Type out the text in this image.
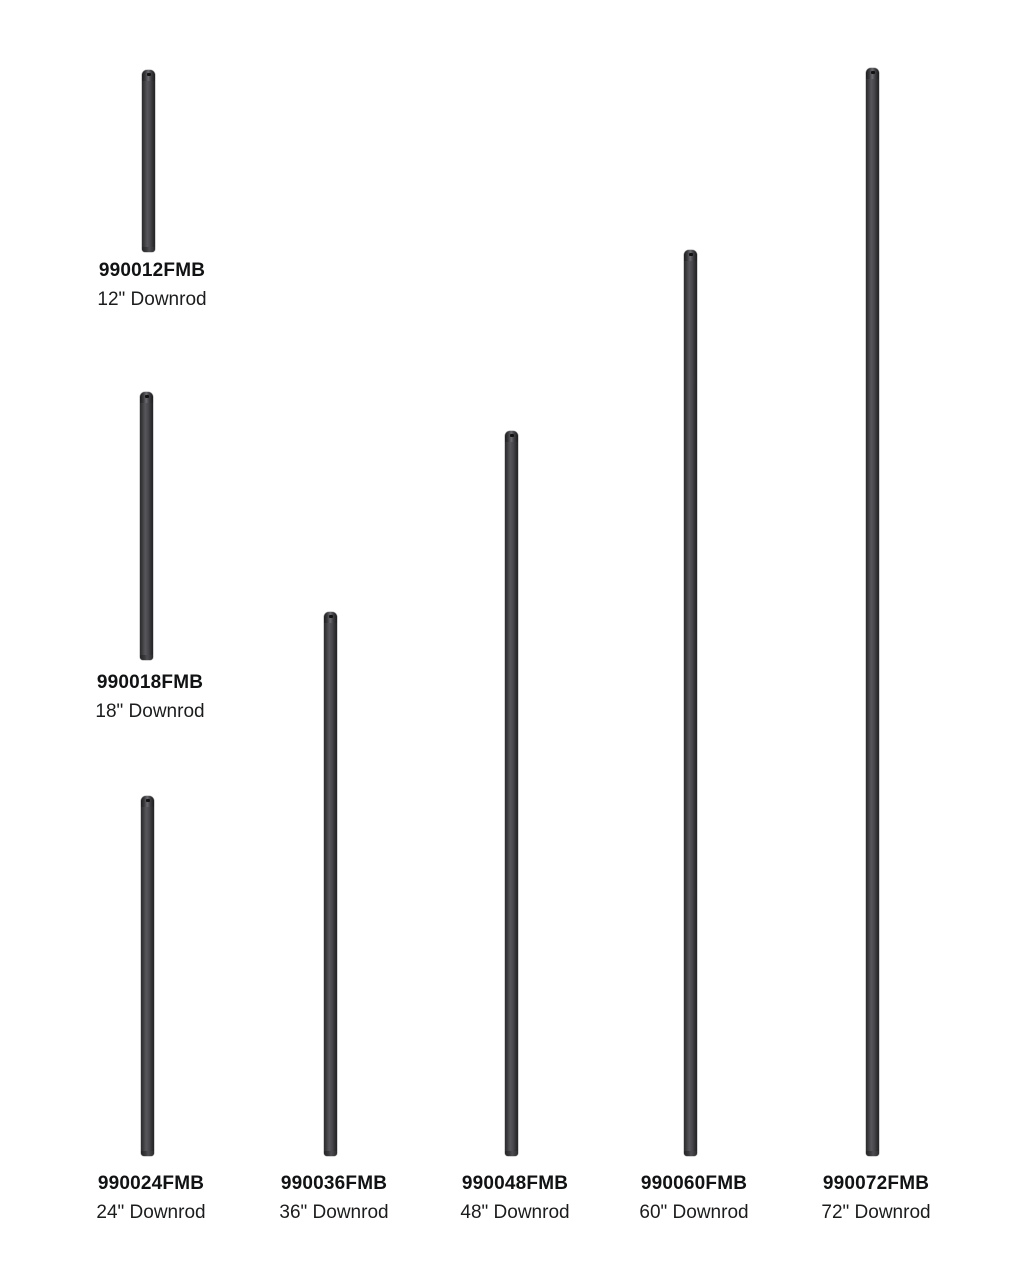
990012FMB
12" Downrod
990018FMB
18" Downrod
990024FMB
24" Downrod
990036FMB
36" Downrod
990048FMB
48" Downrod
990060FMB
60" Downrod
990072FMB
72" Downrod
